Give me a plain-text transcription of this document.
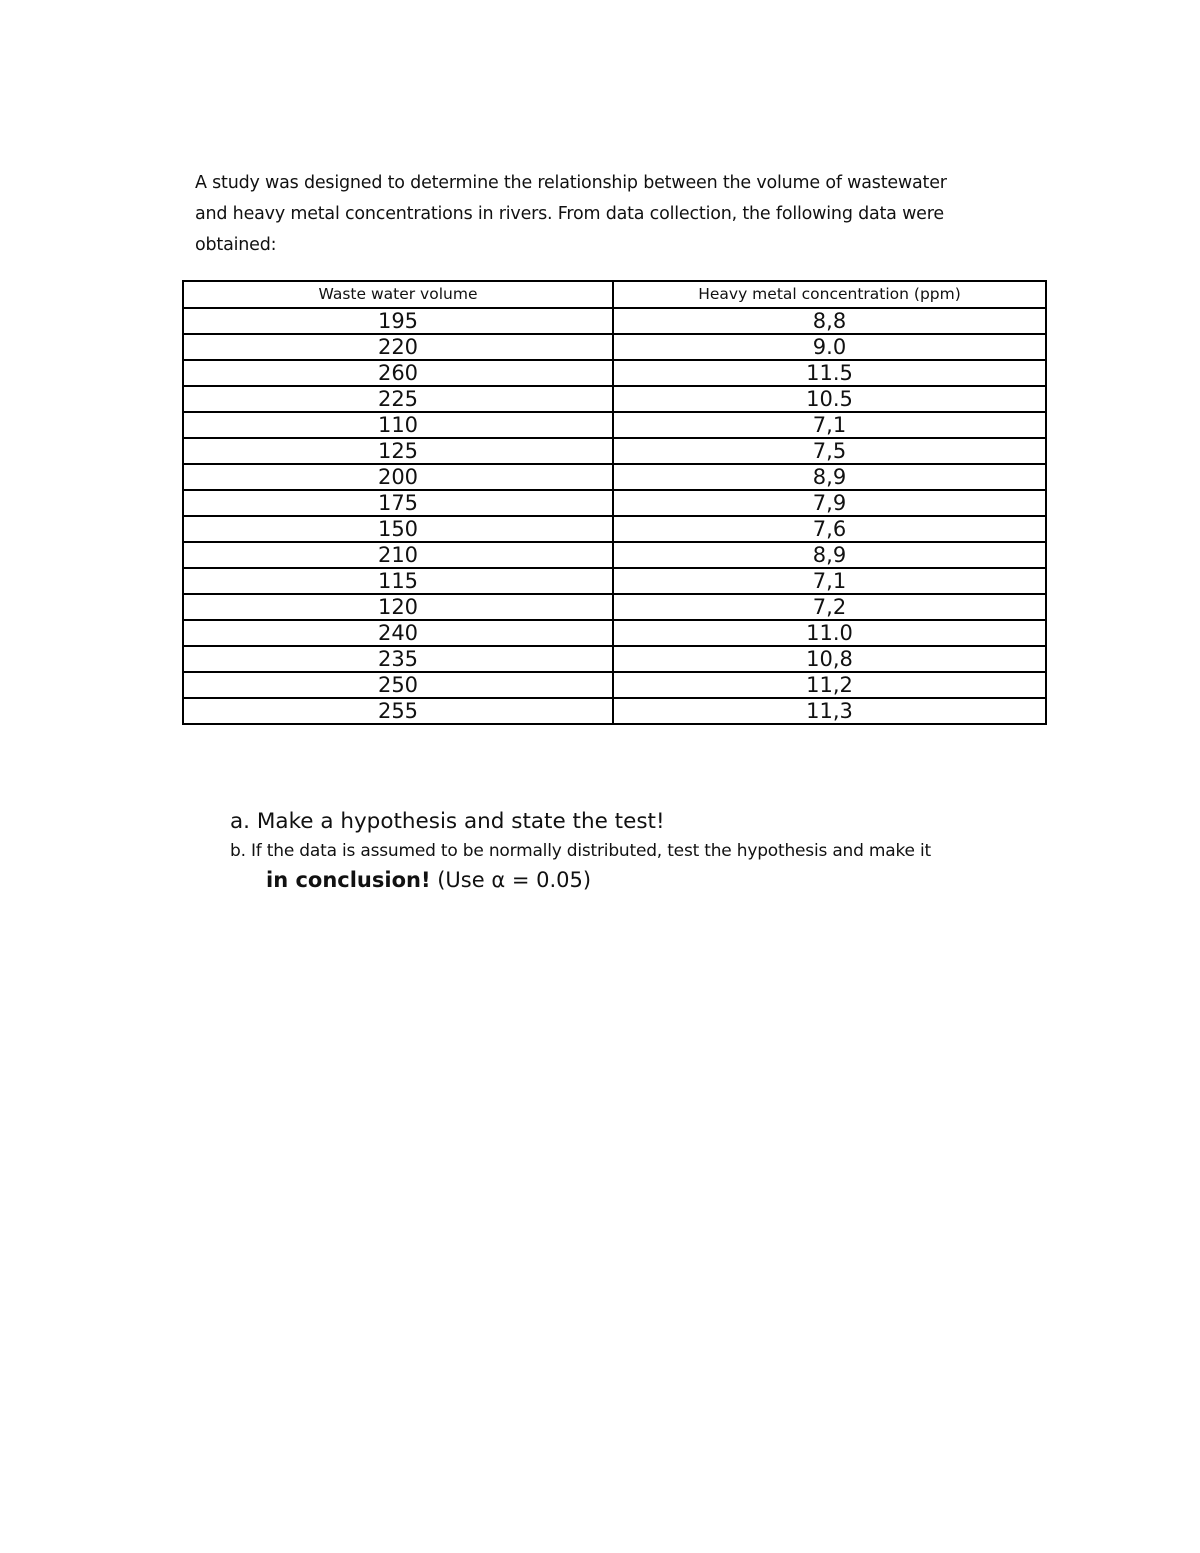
A study was designed to determine the relationship between the volume of wastewater
and heavy metal concentrations in rivers. From data collection, the following data were
obtained:
Waste water volume	Heavy metal concentration (ppm)
195	8,8
220	9.0
260	11.5
225	10.5
110	7,1
125	7,5
200	8,9
175	7,9
150	7,6
210	8,9
115	7,1
120	7,2
240	11.0
235	10,8
250	11,2
255	11,3
a. Make a hypothesis and state the test!
b. If the data is assumed to be normally distributed, test the hypothesis and make it
in conclusion! (Use α = 0.05)
